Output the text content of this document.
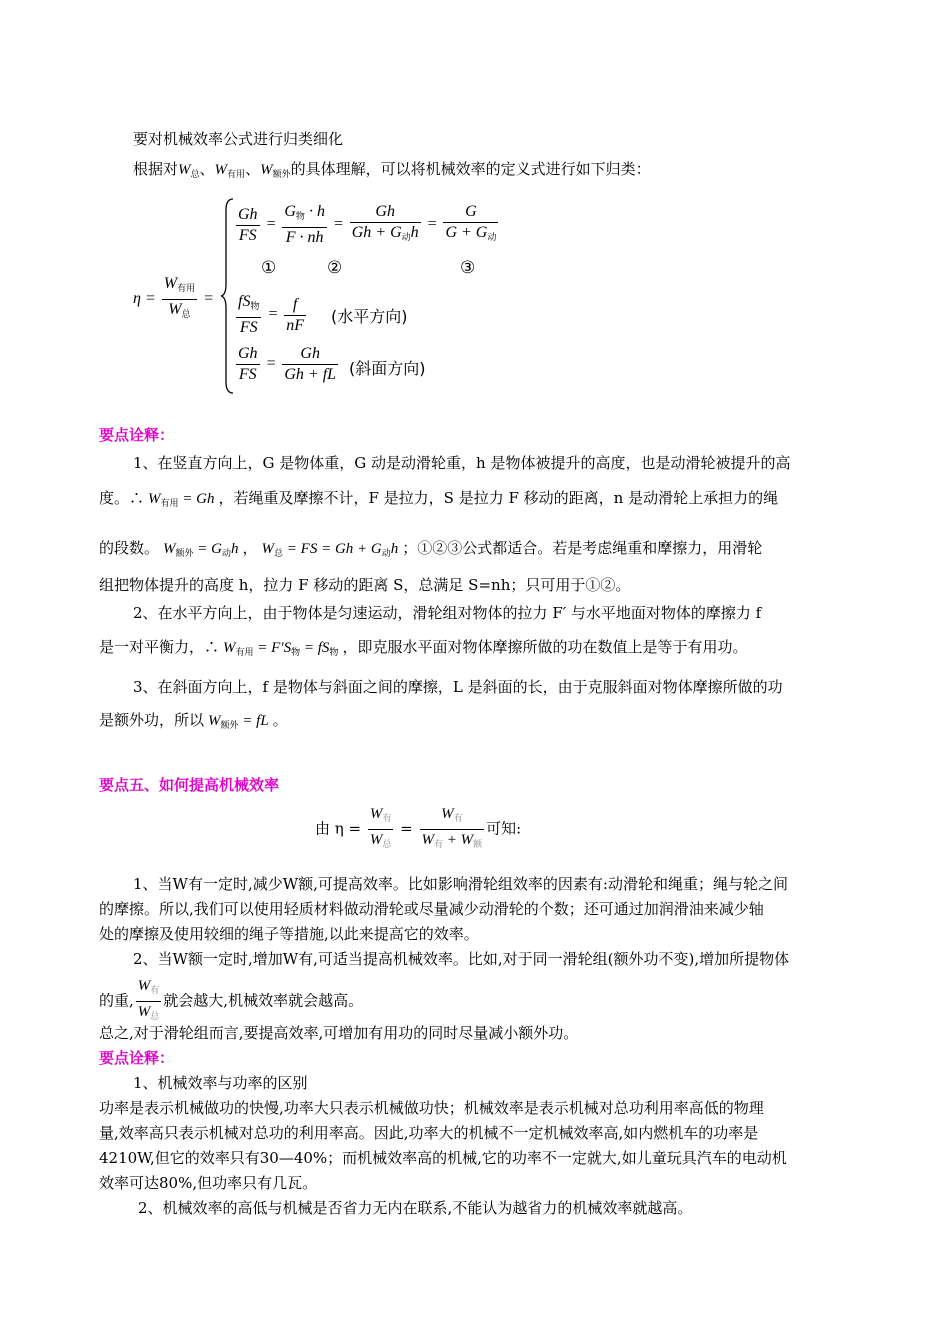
要对机械效率公式进行归类细化
根据对$W_总$、$W_{有用}$、$W_{额外}$的具体理解，可以将机械效率的定义式进行如下归类：
$\eta = \frac{W_{有用}}{W_总}$ =
$\frac{Gh}{FS} = \frac{G_物 \cdot h}{F \cdot nh} = \frac{Gh}{Gh + G_动h} = \frac{G}{G + G_动}$
①	②	③
$\frac{fS_物}{FS} = \frac{f}{nF}$ (水平方向)
$\frac{Gh}{FS} = \frac{Gh}{Gh + fL}$ (斜面方向)
要点诠释：
1、在竖直方向上，G 是物体重，G 动是动滑轮重，h 是物体被提升的高度，也是动滑轮被提升的高
度。∴ $W_{有用} = Gh$ ，若绳重及摩擦不计，F 是拉力，S 是拉力 F 移动的距离，n 是动滑轮上承担力的绳
的段数。 $W_{额外} = G_动h$ ， $W_总$ = FS = $Gh + G_动h$ ；①②③公式都适合。若是考虑绳重和摩擦力，用滑轮
组把物体提升的高度 h，拉力 F 移动的距离 S，总满足 S=nh；只可用于①②。
2、在水平方向上，由于物体是匀速运动，滑轮组对物体的拉力 F′ 与水平地面对物体的摩擦力 f
是一对平衡力，∴ $W_{有用} = F'S_物 = fS_物$ ，即克服水平面对物体摩擦所做的功在数值上是等于有用功。
3、在斜面方向上，f 是物体与斜面之间的摩擦，L 是斜面的长，由于克服斜面对物体摩擦所做的功
是额外功，所以 $W_{额外}$ = fL 。
要点五、如何提高机械效率
由 $\eta = \frac{W_有}{W_总} = \frac{W_有}{W_有 + W_额}$ 可知:
1、当W有一定时,减少W额,可提高效率。比如影响滑轮组效率的因素有:动滑轮和绳重；绳与轮之间
的摩擦。所以,我们可以使用轻质材料做动滑轮或尽量减少动滑轮的个数；还可通过加润滑油来减少轴
处的摩擦及使用较细的绳子等措施,以此来提高它的效率。
2、当W额一定时,增加W有,可适当提高机械效率。比如,对于同一滑轮组(额外功不变),增加所提物体
的重, $\frac{W_有}{W_总}$ 就会越大,机械效率就会越高。
总之,对于滑轮组而言,要提高效率,可增加有用功的同时尽量减小额外功。
要点诠释：
1、机械效率与功率的区别
功率是表示机械做功的快慢,功率大只表示机械做功快；机械效率是表示机械对总功利用率高低的物理
量,效率高只表示机械对总功的利用率高。因此,功率大的机械不一定机械效率高,如内燃机车的功率是
4210W,但它的效率只有30—40%；而机械效率高的机械,它的功率不一定就大,如儿童玩具汽车的电动机
效率可达80%,但功率只有几瓦。
2、机械效率的高低与机械是否省力无内在联系,不能认为越省力的机械效率就越高。
